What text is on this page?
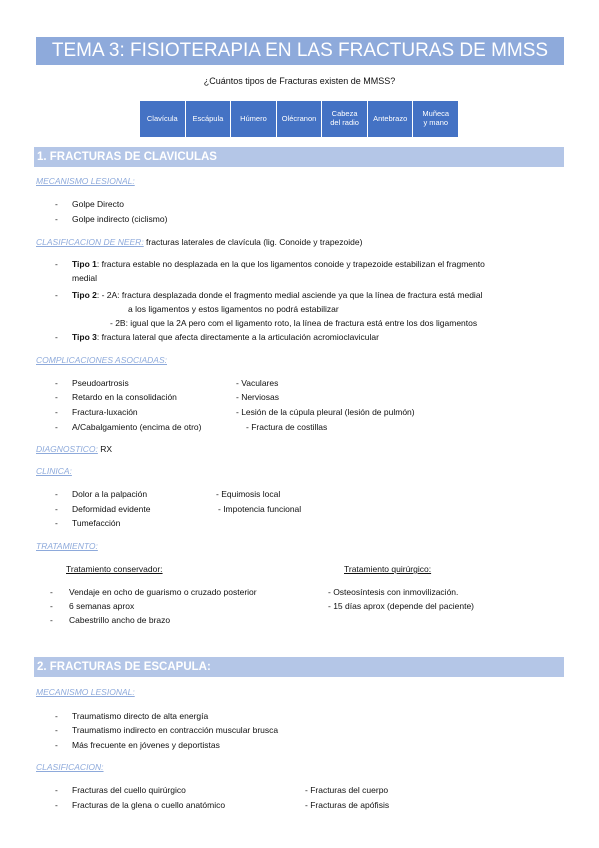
TEMA 3: FISIOTERAPIA EN LAS FRACTURAS DE MMSS
¿Cuántos tipos de Fracturas existen de MMSS?
Clavícula	Escápula	Húmero	Olécranon	Cabeza
del radio	Antebrazo	Muñeca
y mano
1. FRACTURAS DE CLAVICULAS
MECANISMO LESIONAL:
- Golpe Directo
- Golpe indirecto (ciclismo)
CLASIFICACION DE NEER: fracturas laterales de clavícula (lig. Conoide y trapezoide)
- Tipo 1: fractura estable no desplazada en la que los ligamentos conoide y trapezoide estabilizan el fragmento
medial
- Tipo 2: - 2A: fractura desplazada donde el fragmento medial asciende ya que la línea de fractura está medial
a los ligamentos y estos ligamentos no podrá estabilizar
- 2B: igual que la 2A pero com el ligamento roto, la línea de fractura está entre los dos ligamentos
- Tipo 3: fractura lateral que afecta directamente a la articulación acromioclavicular
COMPLICACIONES ASOCIADAS:
- Pseudoartrosis	- Vaculares
- Retardo en la consolidación	- Nerviosas
- Fractura-luxación	- Lesión de la cúpula pleural (lesión de pulmón)
- A/Cabalgamiento (encima de otro)	- Fractura de costillas
DIAGNOSTICO: RX
CLINICA:
- Dolor a la palpación	- Equimosis local
- Deformidad evidente	- Impotencia funcional
- Tumefacción
TRATAMIENTO:
Tratamiento conservador:	Tratamiento quirúrgico:
- Vendaje en ocho de guarismo o cruzado posterior	- Osteosíntesis con inmovilización.
- 6 semanas aprox	- 15 días aprox (depende del paciente)
- Cabestrillo ancho de brazo
2. FRACTURAS DE ESCAPULA:
MECANISMO LESIONAL:
- Traumatismo directo de alta energía
- Traumatismo indirecto en contracción muscular brusca
- Más frecuente en jóvenes y deportistas
CLASIFICACION:
- Fracturas del cuello quirúrgico	- Fracturas del cuerpo
- Fracturas de la glena o cuello anatómico	- Fracturas de apófisis
